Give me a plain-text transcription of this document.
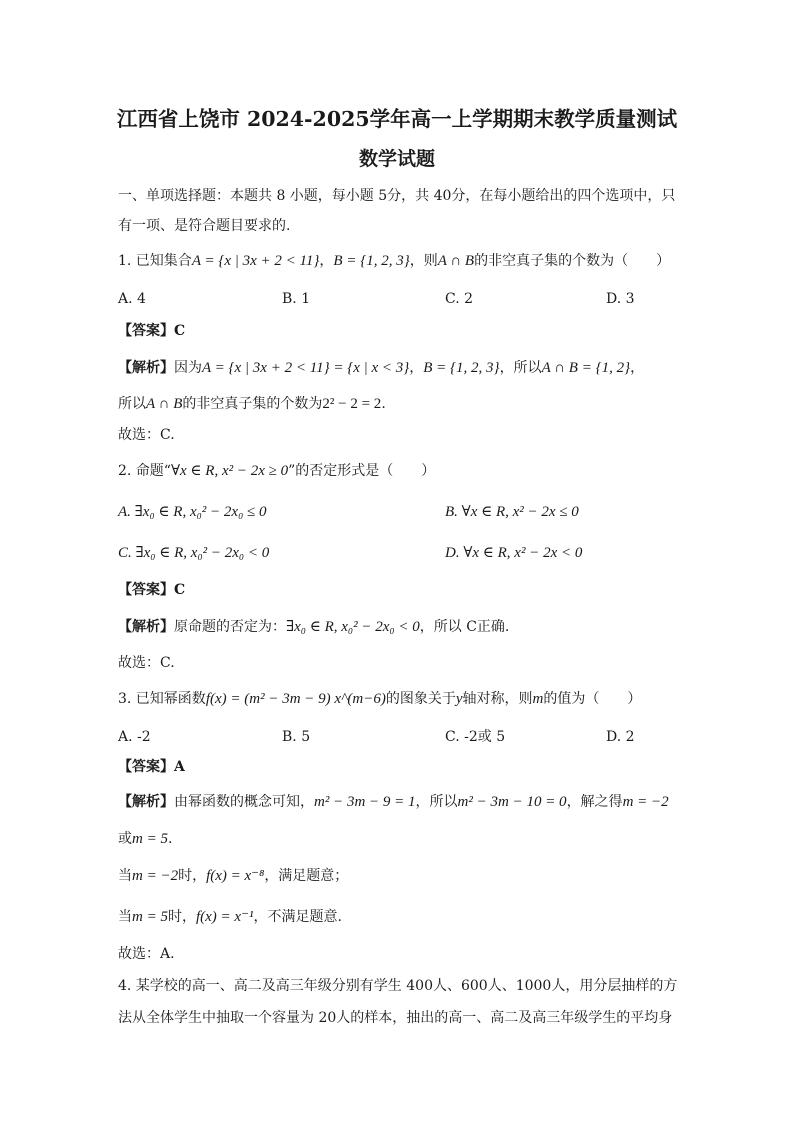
江西省上饶市 2024-2025学年高一上学期期末教学质量测试
数学试题
一、单项选择题：本题共 8 小题，每小题 5分，共 40分，在每小题给出的四个选项中，只
有一项、是符合题目要求的.
1. 已知集合A = {x | 3x + 2 < 11}，B = {1, 2, 3}，则A ∩ B的非空真子集的个数为（　　）
A. 4	B. 1	C. 2	D. 3
【答案】C
【解析】因为A = {x | 3x + 2 < 11} = {x | x < 3}，B = {1, 2, 3}，所以A ∩ B = {1, 2}，
所以A ∩ B的非空真子集的个数为2² − 2 = 2.
故选：C.
2. 命题“∀x ∈ R, x² − 2x ≥ 0”的否定形式是（　　）
A. ∃x₀ ∈ R, x₀² − 2x₀ ≤ 0	B. ∀x ∈ R, x² − 2x ≤ 0
C. ∃x₀ ∈ R, x₀² − 2x₀ < 0	D. ∀x ∈ R, x² − 2x < 0
【答案】C
【解析】原命题的否定为：∃x₀ ∈ R, x₀² − 2x₀ < 0，所以 C正确.
故选：C.
3. 已知幂函数f(x) = (m² − 3m − 9) x^(m−6)的图象关于y轴对称，则m的值为（　　）
A. -2	B. 5	C. -2或 5	D. 2
【答案】A
【解析】由幂函数的概念可知，m² − 3m − 9 = 1，所以m² − 3m − 10 = 0，解之得m = −2
或m = 5.
当m = −2时，f(x) = x⁻⁸，满足题意；
当m = 5时，f(x) = x⁻¹，不满足题意.
故选：A.
4. 某学校的高一、高二及高三年级分别有学生 400人、600人、1000人，用分层抽样的方
法从全体学生中抽取一个容量为 20人的样本，抽出的高一、高二及高三年级学生的平均身
